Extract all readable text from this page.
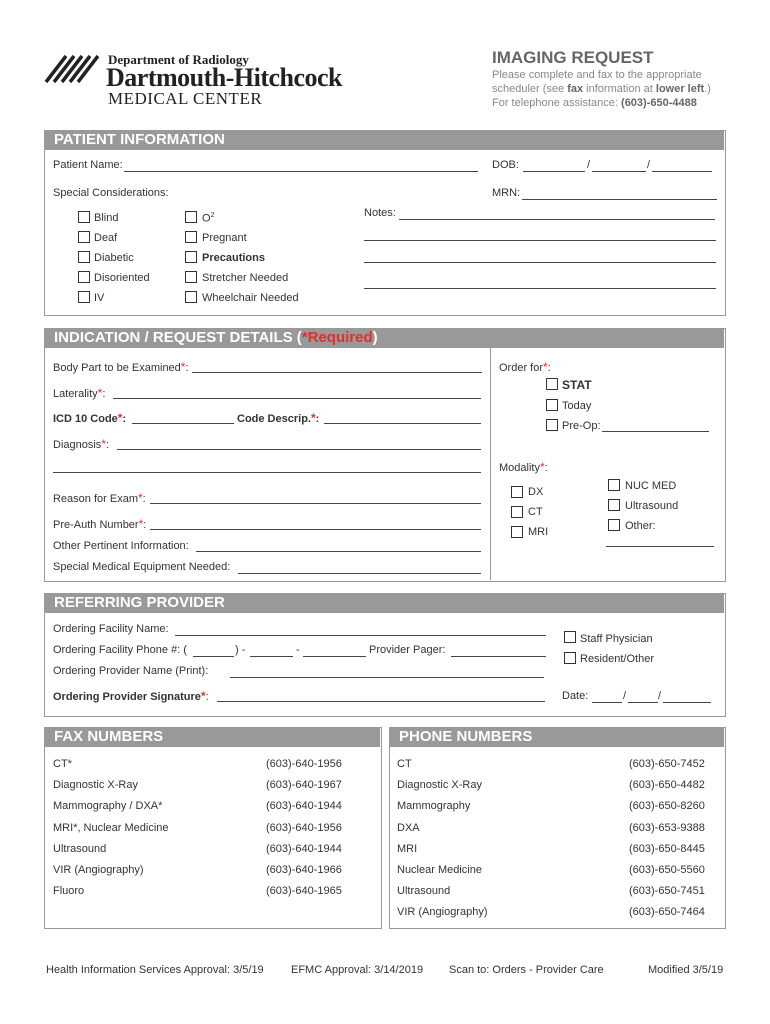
Department of Radiology
Dartmouth-Hitchcock
MEDICAL CENTER
IMAGING REQUEST
Please complete and fax to the appropriate
scheduler (see fax information at lower left.)
For telephone assistance: (603)-650-4488
PATIENT INFORMATION
Patient Name:	DOB:	/	/
Special Considerations:	MRN:
Blind
Deaf
Diabetic
Disoriented
IV
$O^2$
Pregnant
Precautions
Stretcher Needed
Wheelchair Needed
Notes:
INDICATION / REQUEST DETAILS (*Required)
Body Part to be Examined*:
Laterality*:
ICD 10 Code*:	Code Descrip.*:
Diagnosis*:
Reason for Exam*:
Pre-Auth Number*:
Other Pertinent Information:
Special Medical Equipment Needed:
Order for*:
STAT
Today
Pre-Op:
Modality*:
DX
CT
MRI
NUC MED
Ultrasound
Other:
REFERRING PROVIDER
Ordering Facility Name:
Ordering Facility Phone #: (	) -	-	Provider Pager:
Ordering Provider Name (Print):
Ordering Provider Signature*:	Date:	/	/
Staff Physician
Resident/Other
FAX NUMBERS
CT*	(603)-640-1956
Diagnostic X-Ray	(603)-640-1967
Mammography / DXA*	(603)-640-1944
MRI*, Nuclear Medicine	(603)-640-1956
Ultrasound	(603)-640-1944
VIR (Angiography)	(603)-640-1966
Fluoro	(603)-640-1965
PHONE NUMBERS
CT	(603)-650-7452
Diagnostic X-Ray	(603)-650-4482
Mammography	(603)-650-8260
DXA	(603)-653-9388
MRI	(603)-650-8445
Nuclear Medicine	(603)-650-5560
Ultrasound	(603)-650-7451
VIR (Angiography)	(603)-650-7464
Health Information Services Approval: 3/5/19 EFMC Approval: 3/14/2019 Scan to: Orders - Provider Care	Modified 3/5/19
